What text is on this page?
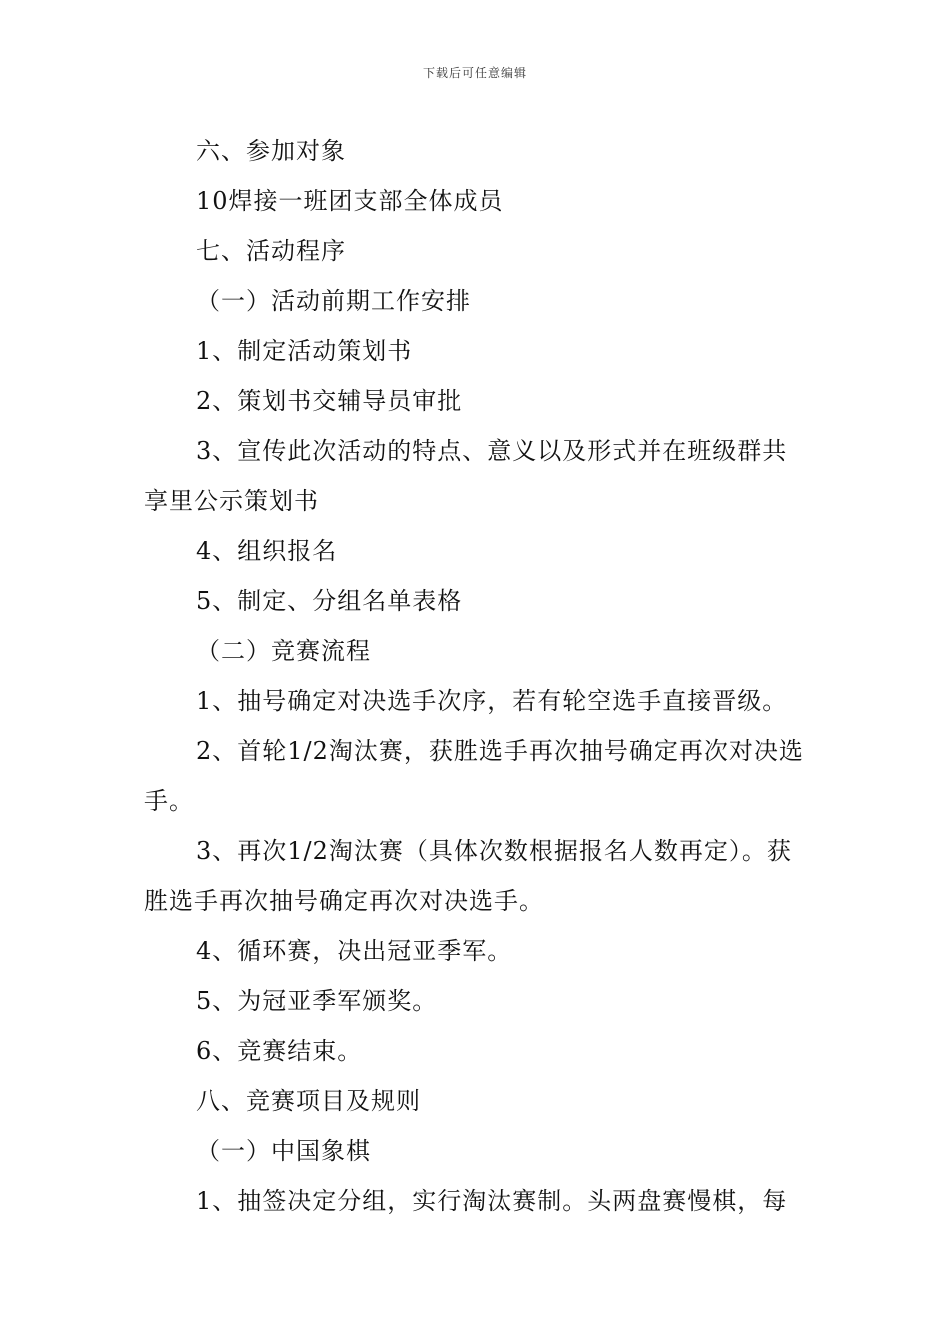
下载后可任意编辑

六、参加对象

10焊接一班团支部全体成员

七、活动程序

（一）活动前期工作安排

1、制定活动策划书

2、策划书交辅导员审批

3、宣传此次活动的特点、意义以及形式并在班级群共享里公示策划书

4、组织报名

5、制定、分组名单表格

（二）竞赛流程

1、抽号确定对决选手次序，若有轮空选手直接晋级。

2、首轮1/2淘汰赛，获胜选手再次抽号确定再次对决选手。

3、再次1/2淘汰赛（具体次数根据报名人数再定）。获胜选手再次抽号确定再次对决选手。

4、循环赛，决出冠亚季军。

5、为冠亚季军颁奖。

6、竞赛结束。

八、竞赛项目及规则

（一）中国象棋

1、抽签决定分组，实行淘汰赛制。头两盘赛慢棋，每
